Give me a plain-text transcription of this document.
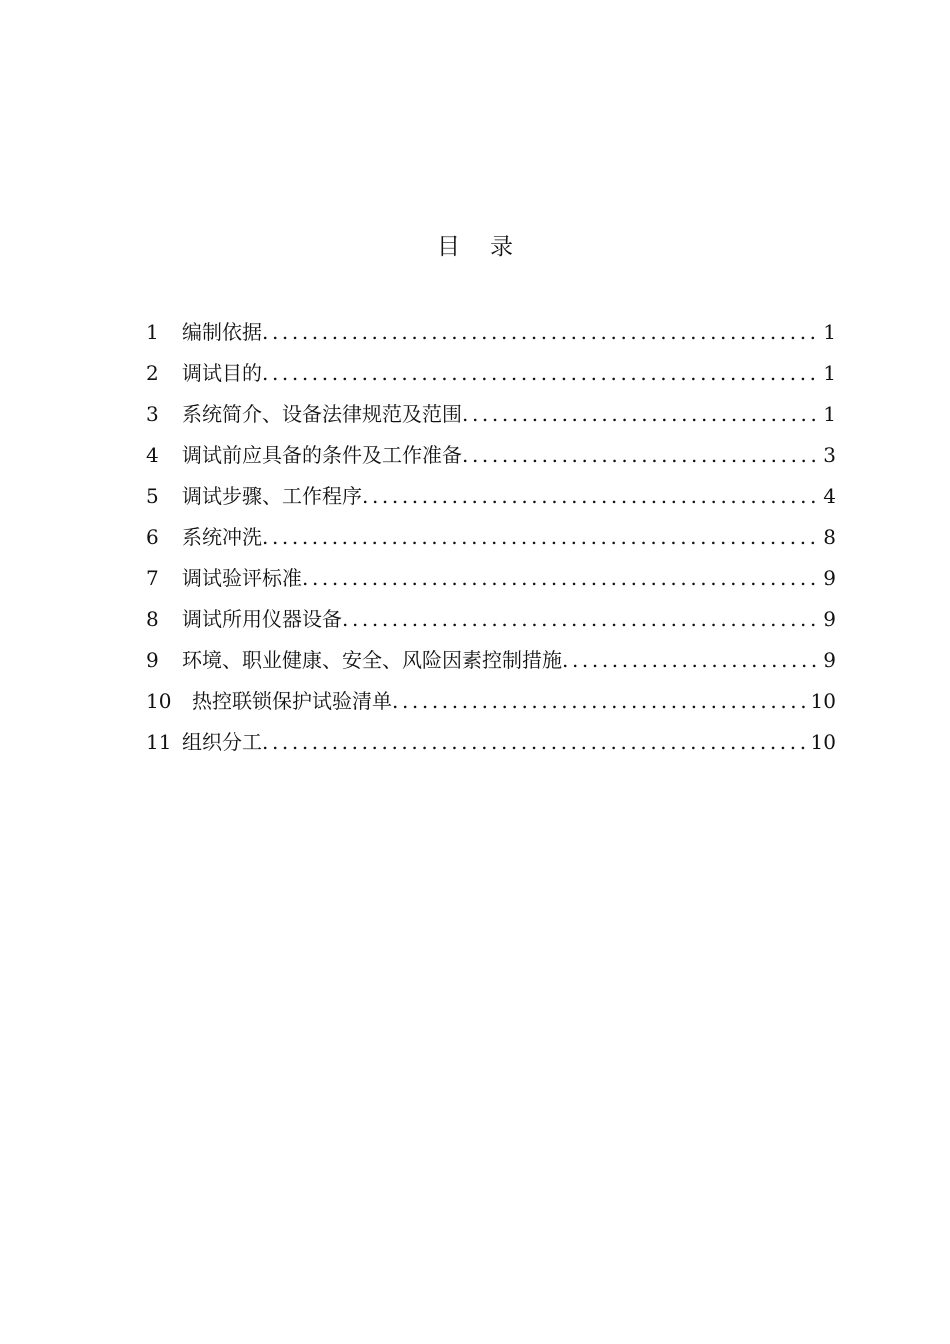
目 录
1	编制依据 .....	1
2	调试目的 .....	1
3	系统简介、设备法律规范及范围 .....	1
4	调试前应具备的条件及工作准备 .....	3
5	调试步骤、工作程序 .....	4
6	系统冲洗 .....	8
7	调试验评标准 .....	9
8	调试所用仪器设备 .....	9
9	环境、职业健康、安全、风险因素控制措施 .....	9
10	热控联锁保护试验清单 .....	10
11 组织分工 .....	10
